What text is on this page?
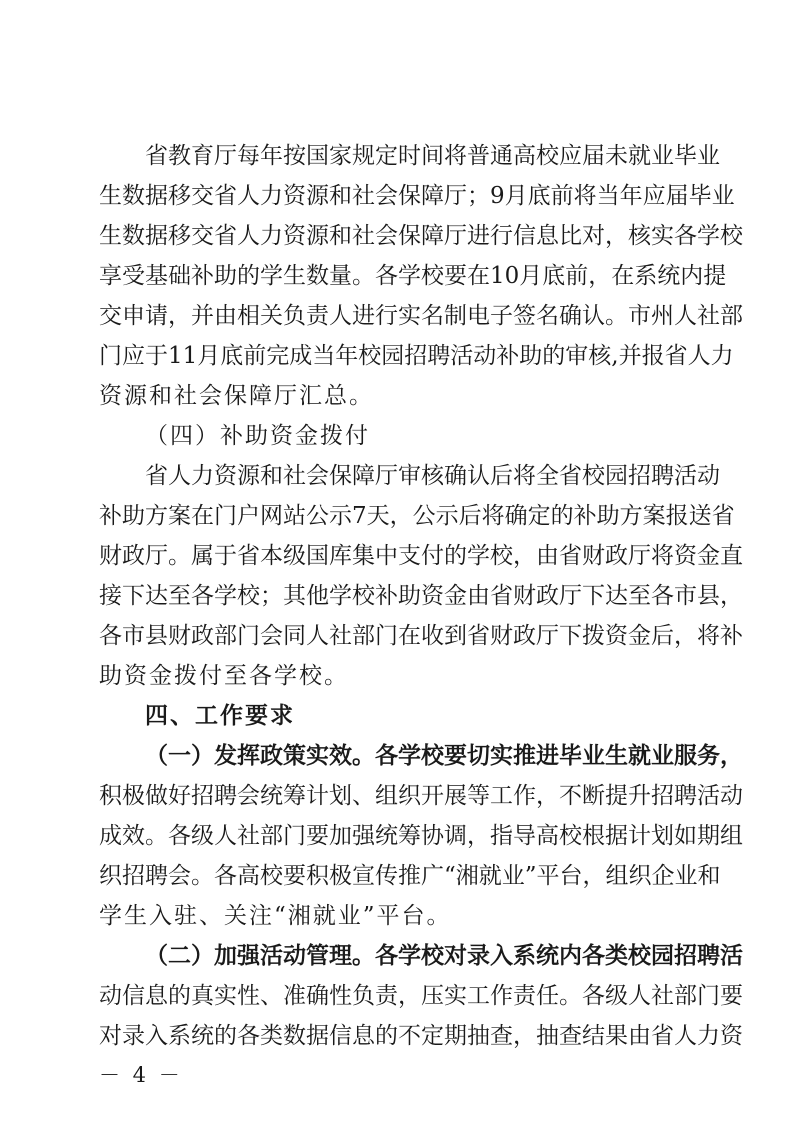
省 教 育 厅 每 年 按 国 家 规 定 时 间 将 普 通 高 校 应 届 未 就 业 毕 业
生 数 据 移 交 省 人 力 资 源 和 社 会 保 障 厅 ； 9 月 底 前 将 当 年 应 届 毕 业
生 数 据 移 交 省 人 力 资 源 和 社 会 保 障 厅 进 行 信 息 比 对 ， 核 实 各 学 校
享 受 基 础 补 助 的 学 生 数 量 。 各 学 校 要 在 1 0 月 底 前 ， 在 系 统 内 提
交 申 请 ， 并 由 相 关 负 责 人 进 行 实 名 制 电 子 签 名 确 认 。 市 州 人 社 部
门 应 于 1 1 月 底 前 完 成 当 年 校 园 招 聘 活 动 补 助 的 审 核 , 并 报 省 人 力
资源和社会保障厅汇总。
（四）补助资金拨付
省 人 力 资 源 和 社 会 保 障 厅 审 核 确 认 后 将 全 省 校 园 招 聘 活 动
补 助 方 案 在 门 户 网 站 公 示 7 天 ， 公 示 后 将 确 定 的 补 助 方 案 报 送 省
财 政 厅 。 属 于 省 本 级 国 库 集 中 支 付 的 学 校 ， 由 省 财 政 厅 将 资 金 直
接 下 达 至 各 学 校 ； 其 他 学 校 补 助 资 金 由 省 财 政 厅 下 达 至 各 市 县 ，
各 市 县 财 政 部 门 会 同 人 社 部 门 在 收 到 省 财 政 厅 下 拨 资 金 后 ， 将 补
助资金拨付至各学校。
四、工作要求
（ 一 ） 发 挥 政 策 实 效 。 各 学 校 要 切 实 推 进 毕 业 生 就 业 服 务 ，
积 极 做 好 招 聘 会 统 筹 计 划 、 组 织 开 展 等 工 作 ， 不 断 提 升 招 聘 活 动
成 效 。 各 级 人 社 部 门 要 加 强 统 筹 协 调 ， 指 导 高 校 根 据 计 划 如 期 组
织 招 聘 会 。 各 高 校 要 积 极 宣 传 推 广 “ 湘 就 业 ” 平 台 ， 组 织 企 业 和
学生入驻、关注“湘就业”平台。
（ 二 ） 加 强 活 动 管 理 。 各 学 校 对 录 入 系 统 内 各 类 校 园 招 聘 活
动 信 息 的 真 实 性 、 准 确 性 负 责 ， 压 实 工 作 责 任 。 各 级 人 社 部 门 要
对 录 入 系 统 的 各 类 数 据 信 息 的 不 定 期 抽 查 ， 抽 查 结 果 由 省 人 力 资
－ 4 －
